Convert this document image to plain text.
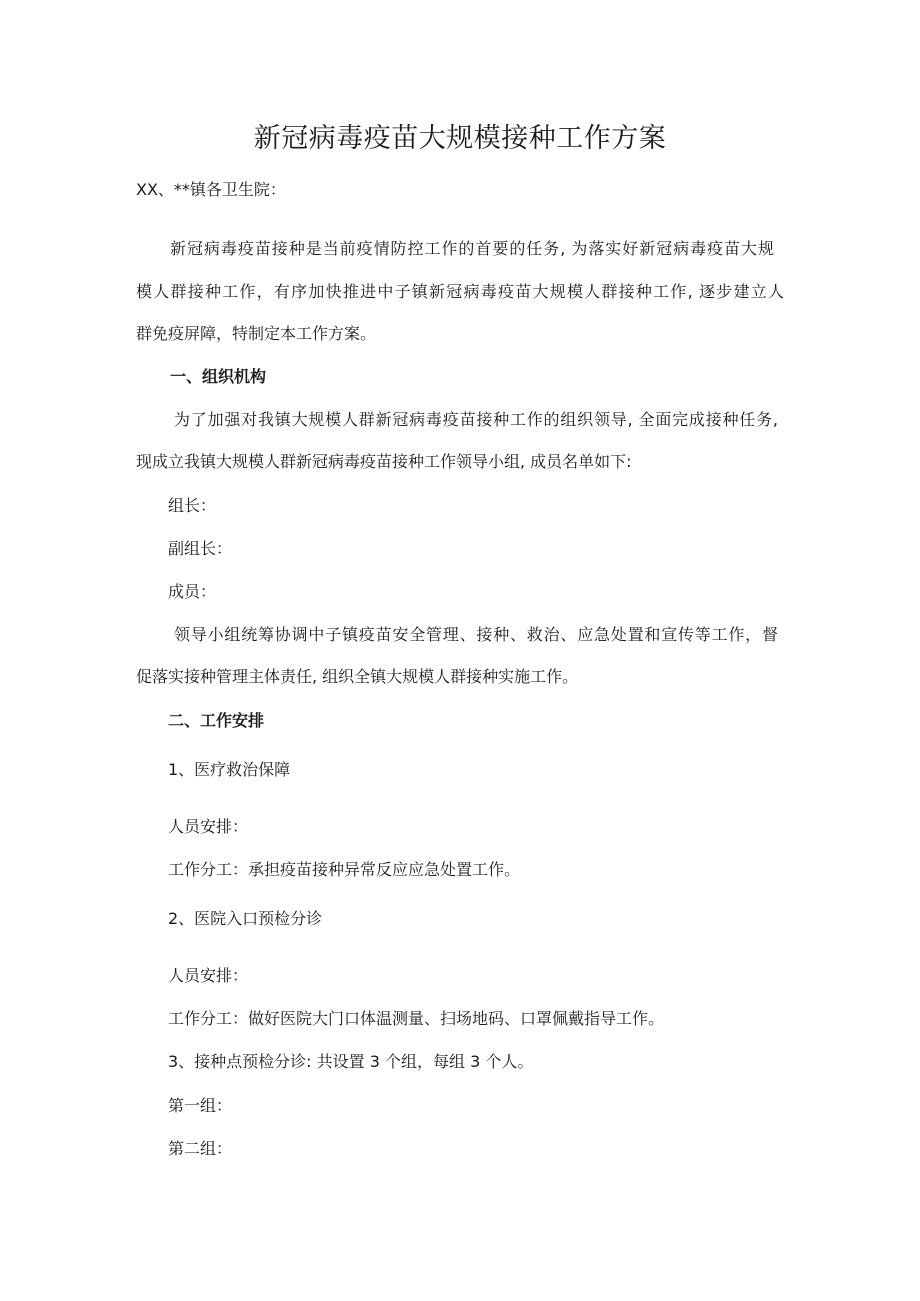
新冠病毒疫苗大规模接种工作方案

XX、**镇各卫生院：

新冠病毒疫苗接种是当前疫情防控工作的首要的任务, 为落实好新冠病毒疫苗大规

模人群接种工作，有序加快推进中子镇新冠病毒疫苗大规模人群接种工作, 逐步建立人

群免疫屏障，特制定本工作方案。

一、组织机构

为了加强对我镇大规模人群新冠病毒疫苗接种工作的组织领导, 全面完成接种任务,

现成立我镇大规模人群新冠病毒疫苗接种工作领导小组, 成员名单如下:

组长：

副组长：

成员：

领导小组统筹协调中子镇疫苗安全管理、接种、救治、应急处置和宣传等工作，督

促落实接种管理主体责任, 组织全镇大规模人群接种实施工作。

二、工作安排

1、医疗救治保障

人员安排：

工作分工：承担疫苗接种异常反应应急处置工作。

2、医院入口预检分诊

人员安排：

工作分工：做好医院大门口体温测量、扫场地码、口罩佩戴指导工作。

3、接种点预检分诊: 共设置 3 个组，每组 3 个人。

第一组：

第二组：
